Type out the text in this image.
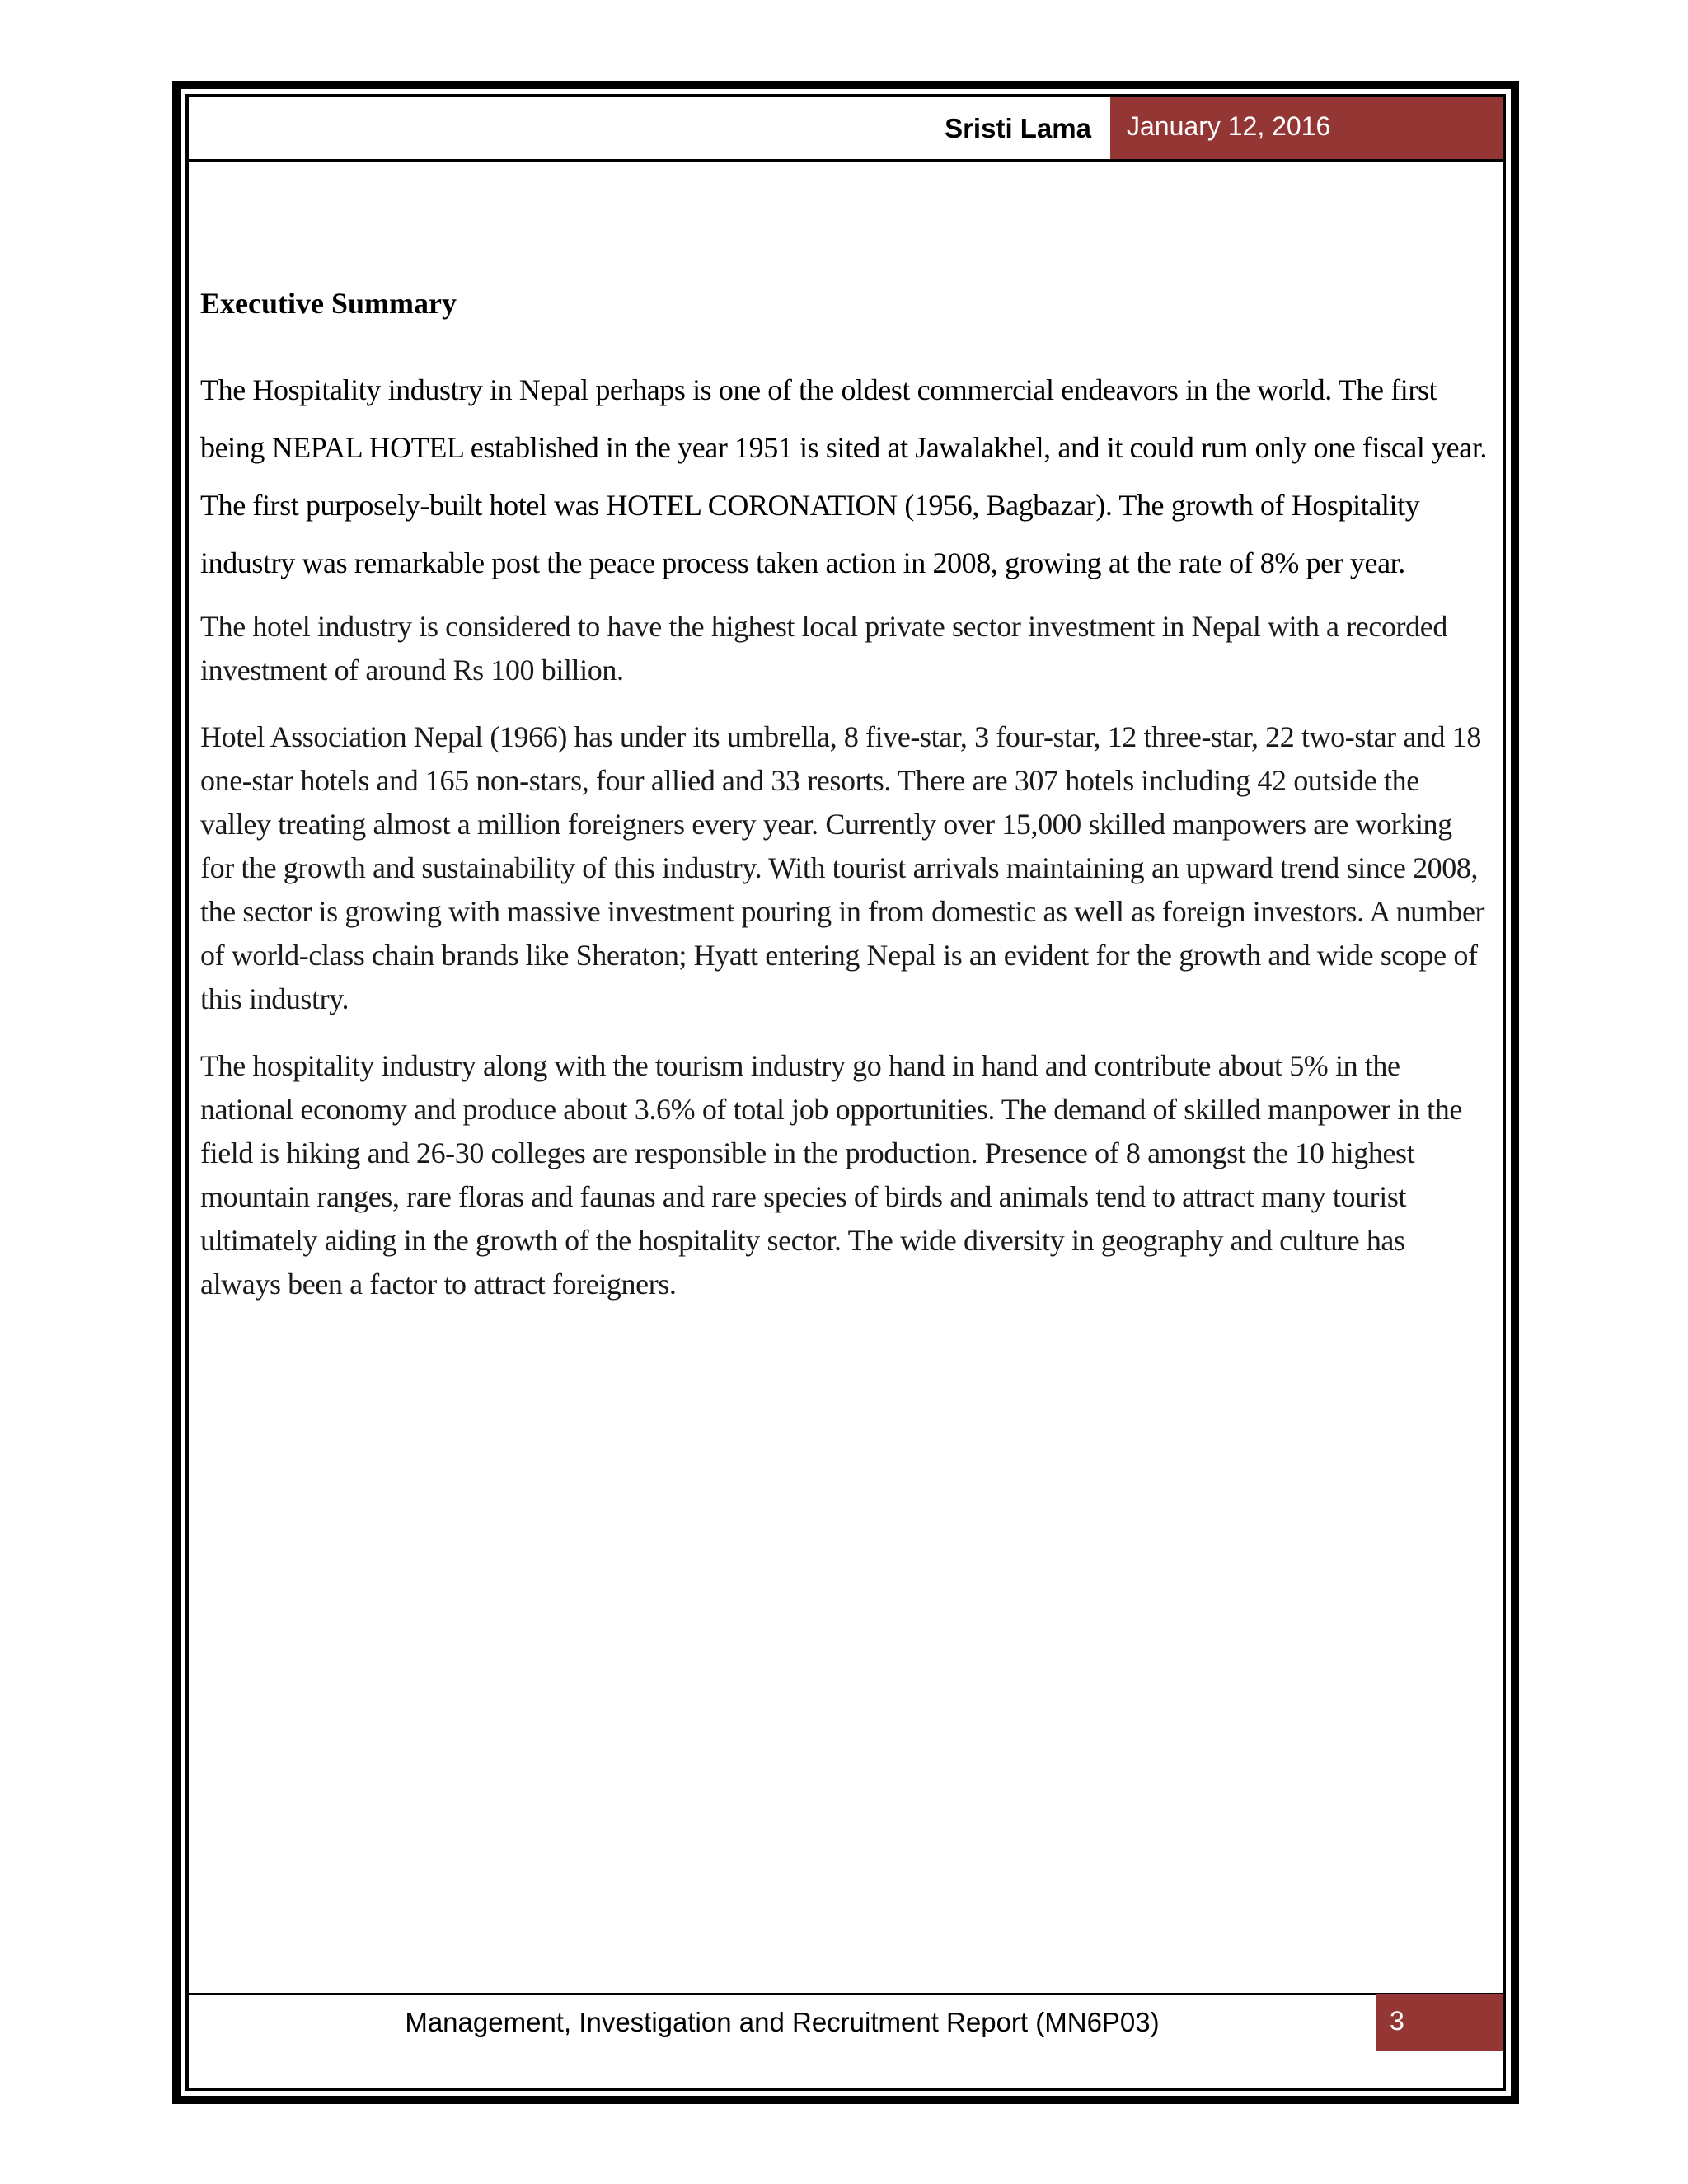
Sristi Lama	January 12, 2016
Executive Summary

The Hospitality industry in Nepal perhaps is one of the oldest commercial endeavors in the world. The first being NEPAL HOTEL established in the year 1951 is sited at Jawalakhel, and it could rum only one fiscal year. The first purposely-built hotel was HOTEL CORONATION (1956, Bagbazar). The growth of Hospitality industry was remarkable post the peace process taken action in 2008, growing at the rate of 8% per year.

The hotel industry is considered to have the highest local private sector investment in Nepal with a recorded investment of around Rs 100 billion.

Hotel Association Nepal (1966) has under its umbrella, 8 five-star, 3 four-star, 12 three-star, 22 two-star and 18 one-star hotels and 165 non-stars, four allied and 33 resorts. There are 307 hotels including 42 outside the valley treating almost a million foreigners every year. Currently over 15,000 skilled manpowers are working for the growth and sustainability of this industry. With tourist arrivals maintaining an upward trend since 2008, the sector is growing with massive investment pouring in from domestic as well as foreign investors. A number of world-class chain brands like Sheraton; Hyatt entering Nepal is an evident for the growth and wide scope of this industry.

The hospitality industry along with the tourism industry go hand in hand and contribute about 5% in the national economy and produce about 3.6% of total job opportunities. The demand of skilled manpower in the field is hiking and 26-30 colleges are responsible in the production. Presence of 8 amongst the 10 highest mountain ranges, rare floras and faunas and rare species of birds and animals tend to attract many tourist ultimately aiding in the growth of the hospitality sector. The wide diversity in geography and culture has always been a factor to attract foreigners.

Management, Investigation and Recruitment Report (MN6P03)	3
